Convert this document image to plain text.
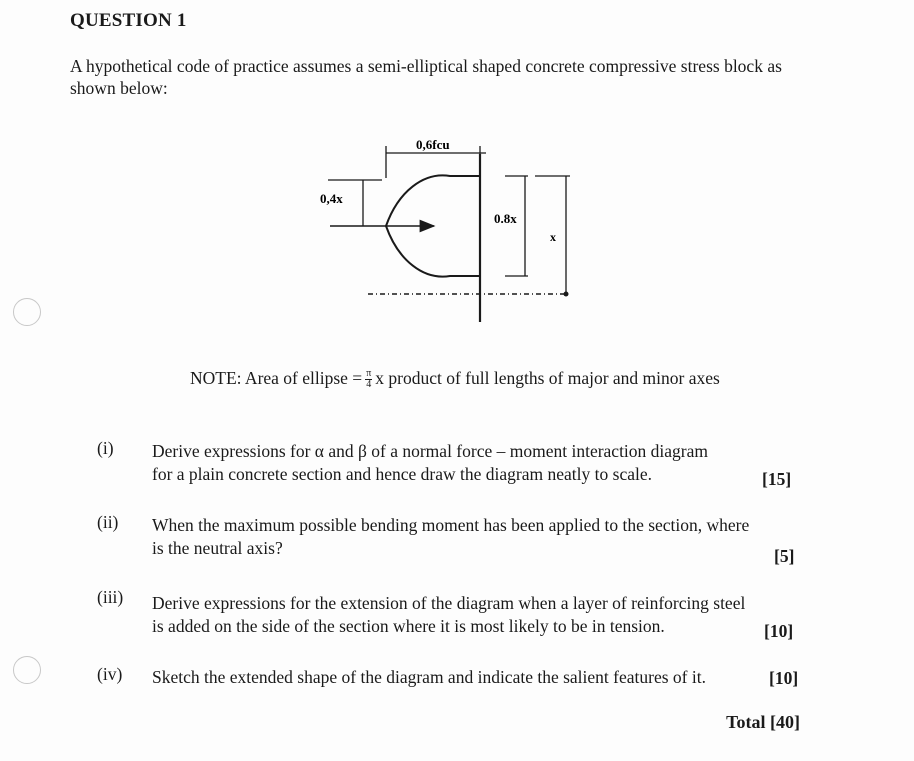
QUESTION 1
A hypothetical code of practice assumes a semi-elliptical shaped concrete compressive stress block as shown below:
0,6fcu
0,4x
0.8x
x
NOTE: Area of ellipse = $\frac{\pi}{4}$ x product of full lengths of major and minor axes
(i) Derive expressions for α and β of a normal force – moment interaction diagram
for a plain concrete section and hence draw the diagram neatly to scale.	[15]
(ii) When the maximum possible bending moment has been applied to the section, where
is the neutral axis?	[5]
(iii) Derive expressions for the extension of the diagram when a layer of reinforcing steel
is added on the side of the section where it is most likely to be in tension.	[10]
(iv) Sketch the extended shape of the diagram and indicate the salient features of it.	[10]
Total [40]
